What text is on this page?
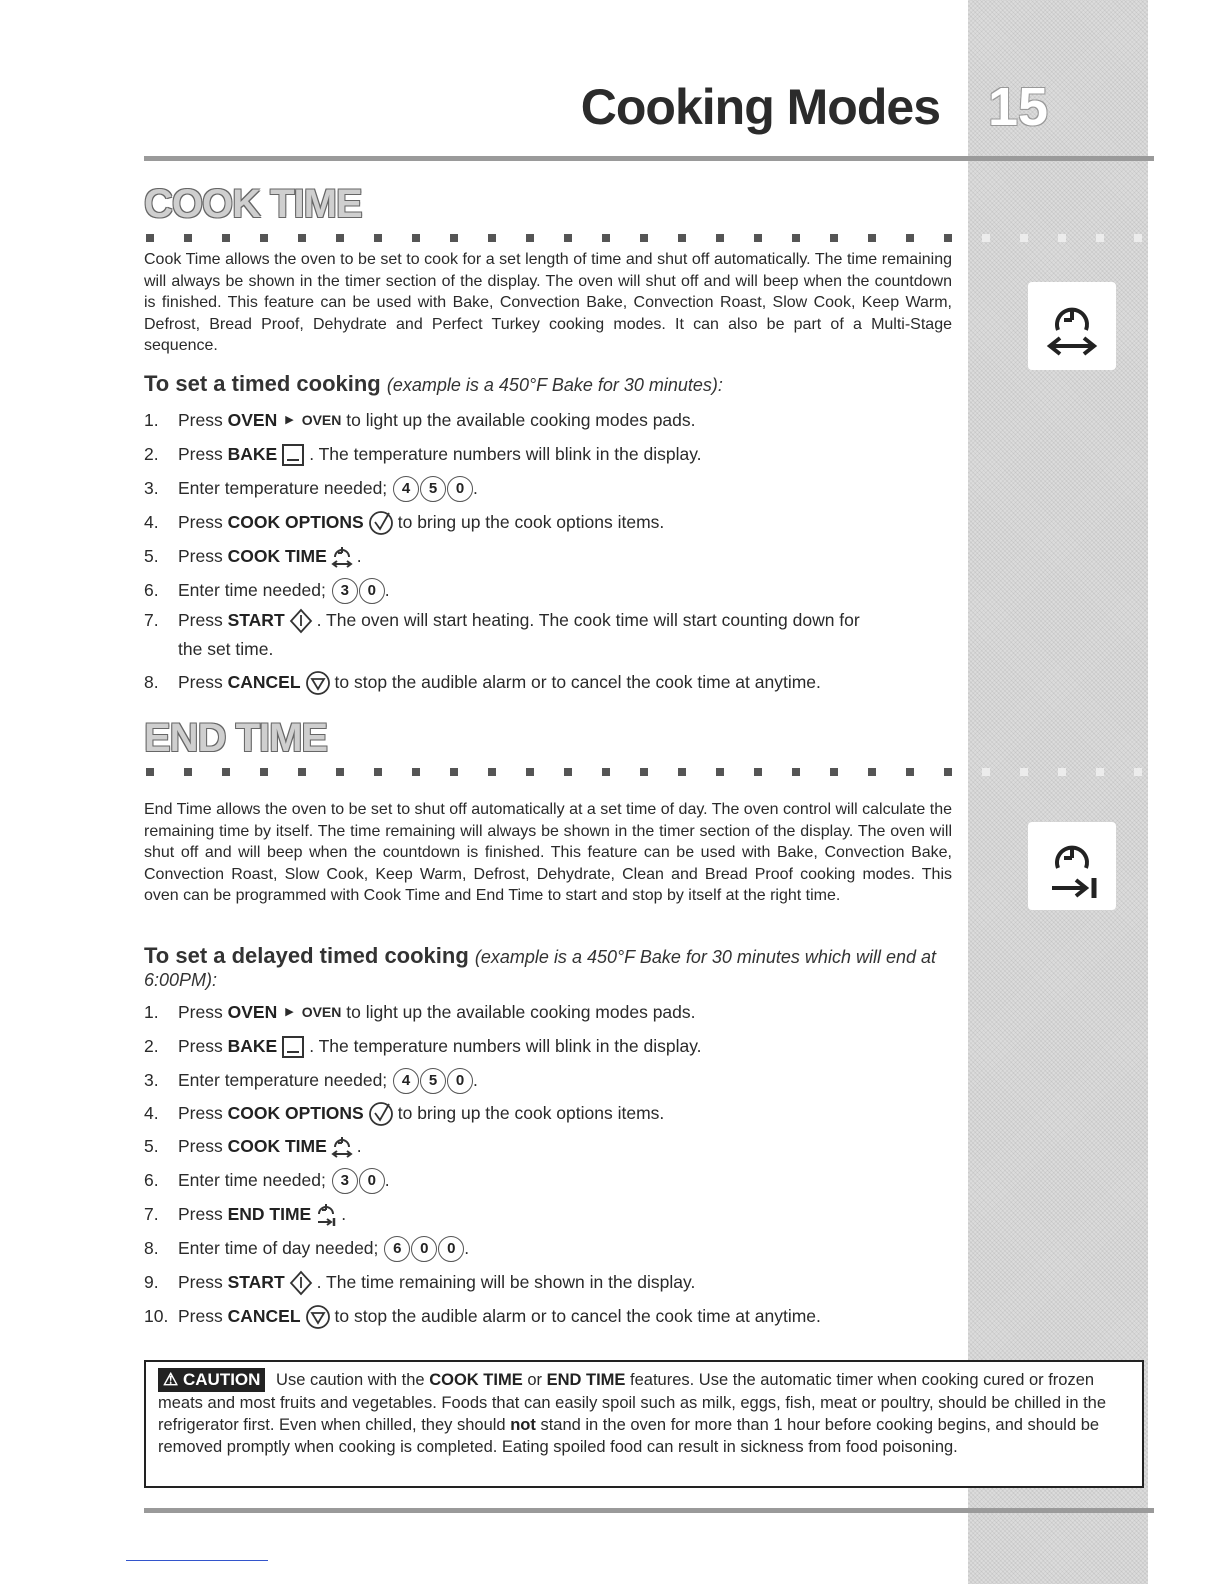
Cooking Modes 15
COOK TIME
Cook Time allows the oven to be set to cook for a set length of time and shut off automatically. The time remaining will always be shown in the timer section of the display. The oven will shut off and will beep when the countdown is finished. This feature can be used with Bake, Convection Bake, Convection Roast, Slow Cook, Keep Warm, Defrost, Bread Proof, Dehydrate and Perfect Turkey cooking modes. It can also be part of a Multi-Stage sequence.
To set a timed cooking (example is a 450°F Bake for 30 minutes):
1.	Press
OVEN ▶ OVEN
to light up the available cooking modes pads.
2.	Press
BAKE . The temperature numbers will blink in the display.
3.	Enter temperature needed;
4	5	0 .
4.	Press
COOK OPTIONS to bring up the cook options items.
5.	Press
COOK TIME .
6.	Enter time needed;
3	0 .
7.	Press
START . The oven will start heating. The cook time will start counting down for
the set time.
8.	Press
CANCEL to stop the audible alarm or to cancel the cook time at anytime.
END TIME
End Time allows the oven to be set to shut off automatically at a set time of day. The oven control will calculate the remaining time by itself. The time remaining will always be shown in the timer section of the display. The oven will shut off and will beep when the countdown is finished. This feature can be used with Bake, Convection Bake, Convection Roast, Slow Cook, Keep Warm, Defrost, Dehydrate, Clean and Bread Proof cooking modes. This oven can be programmed with Cook Time and End Time to start and stop by itself at the right time.
To set a delayed timed cooking (example is a 450°F Bake for 30 minutes which will end at 6:00PM):
1.	Press
OVEN ▶ OVEN
to light up the available cooking modes pads.
2.	Press
BAKE . The temperature numbers will blink in the display.
3.	Enter temperature needed;
4	5	0 .
4.	Press
COOK OPTIONS to bring up the cook options items.
5.	Press
COOK TIME .
6.	Enter time needed;
3	0 .
7.	Press
END TIME .
8.	Enter time of day needed;
6	0	0 .
9.	Press
START . The time remaining will be shown in the display.
10. Press
CANCEL to stop the audible alarm or to cancel the cook time at anytime.
⚠ CAUTION Use caution with the COOK TIME or END TIME features. Use the automatic timer when cooking cured or frozen meats and most fruits and vegetables. Foods that can easily spoil such as milk, eggs, fish, meat or poultry, should be chilled in the refrigerator first. Even when chilled, they should not stand in the oven for more than 1 hour before cooking begins, and should be removed promptly when cooking is completed. Eating spoiled food can result in sickness from food poisoning.
